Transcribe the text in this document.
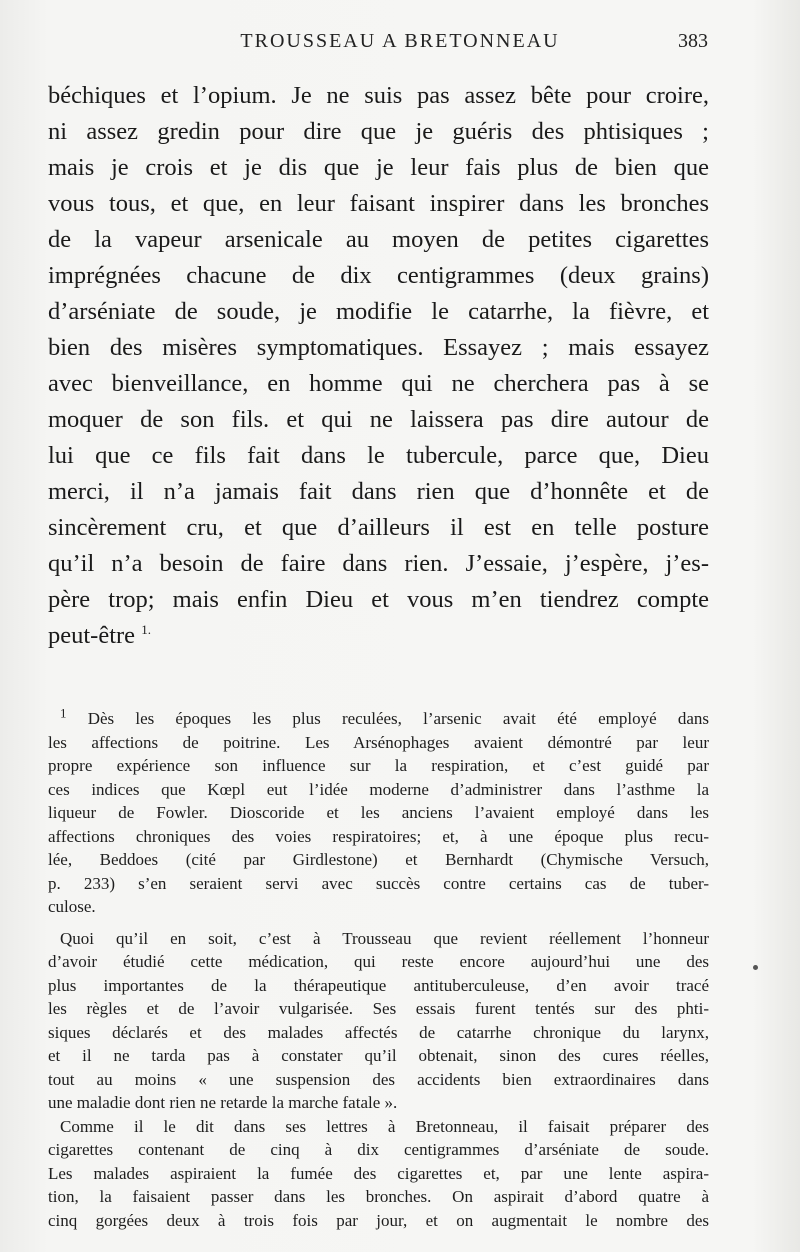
TROUSSEAU A BRETONNEAU	383
béchiques et l’opium. Je ne suis pas assez bête pour croire,
ni assez gredin pour dire que je guéris des phtisiques ;
mais je crois et je dis que je leur fais plus de bien que
vous tous, et que, en leur faisant inspirer dans les bronches
de la vapeur arsenicale au moyen de petites cigarettes
imprégnées chacune de dix centigrammes (deux grains)
d’arséniate de soude, je modifie le catarrhe, la fièvre, et
bien des misères symptomatiques. Essayez ; mais essayez
avec bienveillance, en homme qui ne cherchera pas à se
moquer de son fils. et qui ne laissera pas dire autour de
lui que ce fils fait dans le tubercule, parce que, Dieu
merci, il n’a jamais fait dans rien que d’honnête et de
sincèrement cru, et que d’ailleurs il est en telle posture
qu’il n’a besoin de faire dans rien. J’essaie, j’espère, j’es-
père trop; mais enfin Dieu et vous m’en tiendrez compte
peut-être $^{1.}$
$^1$ Dès les époques les plus reculées, l’arsenic avait été employé dans
les affections de poitrine. Les Arsénophages avaient démontré par leur
propre expérience son influence sur la respiration, et c’est guidé par
ces indices que Kœpl eut l’idée moderne d’administrer dans l’asthme la
liqueur de Fowler. Dioscoride et les anciens l’avaient employé dans les
affections chroniques des voies respiratoires; et, à une époque plus recu-
lée, Beddoes (cité par Girdlestone) et Bernhardt (Chymische Versuch,
p. 233) s’en seraient servi avec succès contre certains cas de tuber-
culose.
Quoi qu’il en soit, c’est à Trousseau que revient réellement l’honneur
d’avoir étudié cette médication, qui reste encore aujourd’hui une des
plus importantes de la thérapeutique antituberculeuse, d’en avoir tracé
les règles et de l’avoir vulgarisée. Ses essais furent tentés sur des phti-
siques déclarés et des malades affectés de catarrhe chronique du larynx,
et il ne tarda pas à constater qu’il obtenait, sinon des cures réelles,
tout au moins « une suspension des accidents bien extraordinaires dans
une maladie dont rien ne retarde la marche fatale ».
Comme il le dit dans ses lettres à Bretonneau, il faisait préparer des
cigarettes contenant de cinq à dix centigrammes d’arséniate de soude.
Les malades aspiraient la fumée des cigarettes et, par une lente aspira-
tion, la faisaient passer dans les bronches. On aspirait d’abord quatre à
cinq gorgées deux à trois fois par jour, et on augmentait le nombre des
